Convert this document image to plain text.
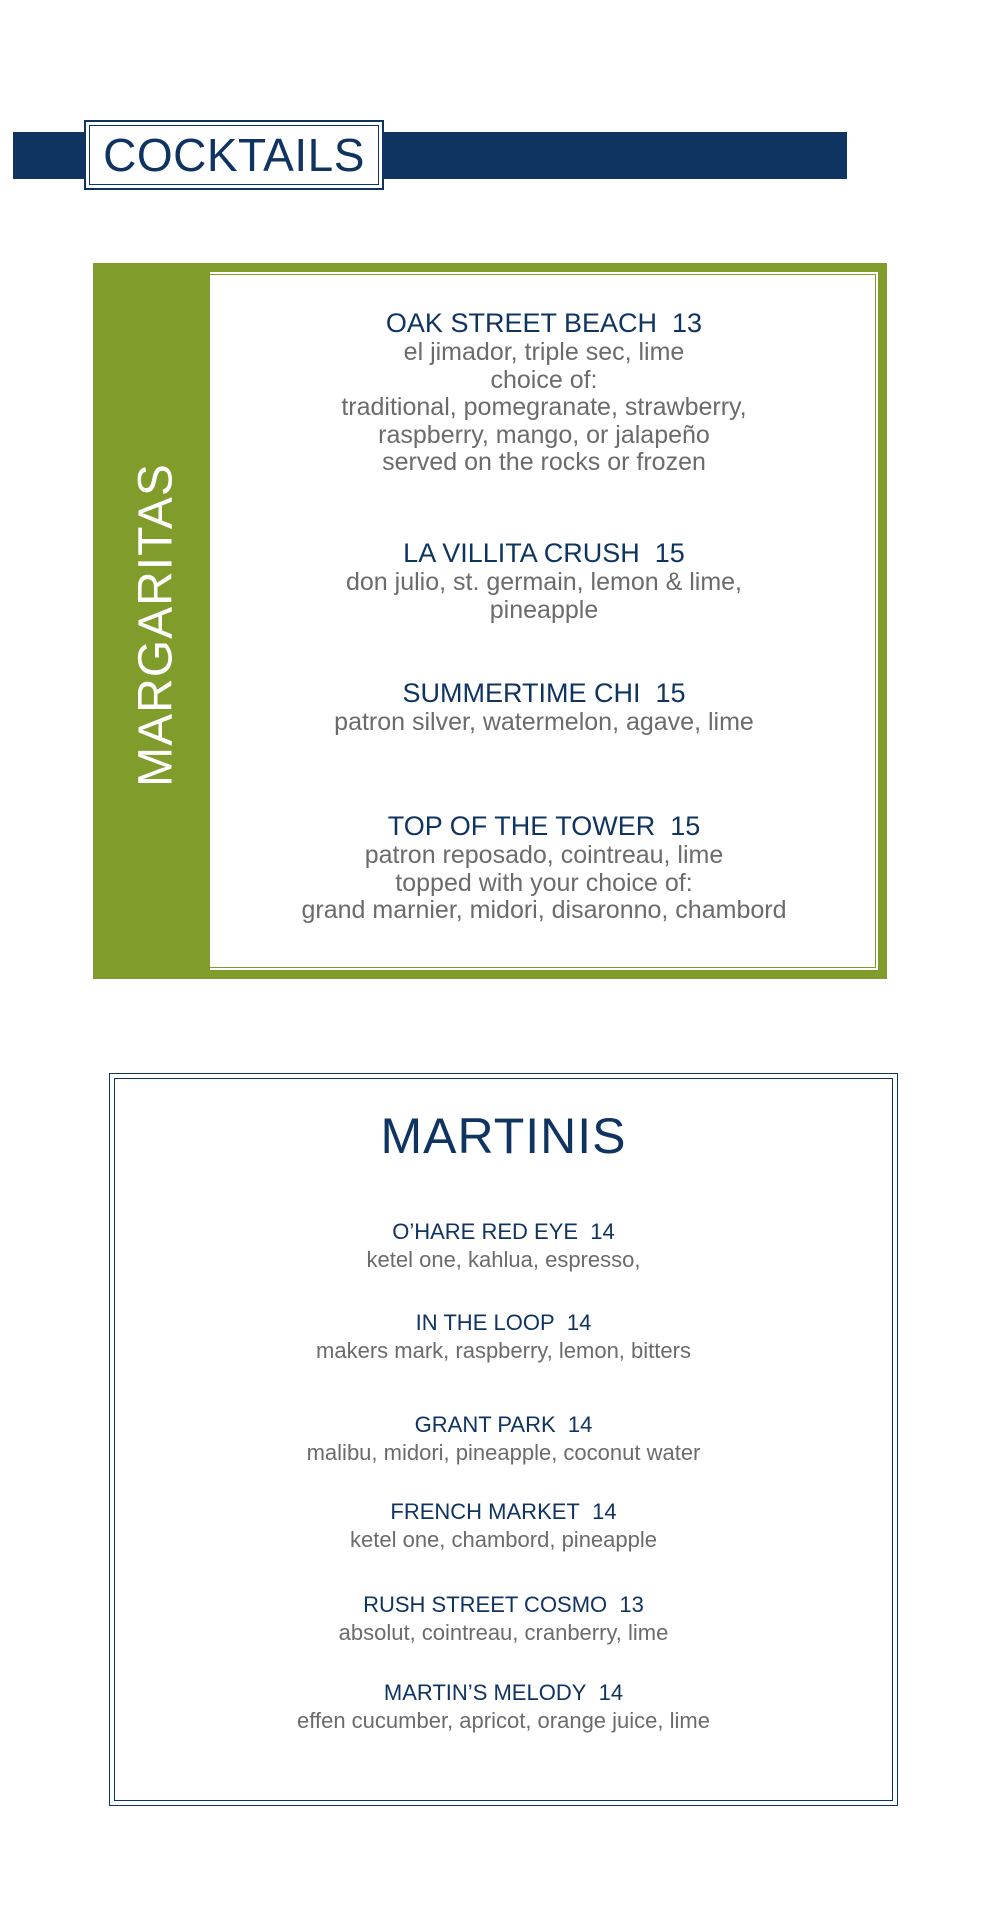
COCKTAILS
MARGARITAS
OAK STREET BEACH 13
el jimador, triple sec, lime
choice of:
traditional, pomegranate, strawberry,
raspberry, mango, or jalapeño
served on the rocks or frozen
LA VILLITA CRUSH 15
don julio, st. germain, lemon & lime,
pineapple
SUMMERTIME CHI 15
patron silver, watermelon, agave, lime
TOP OF THE TOWER 15
patron reposado, cointreau, lime
topped with your choice of:
grand marnier, midori, disaronno, chambord
MARTINIS
O’HARE RED EYE 14
ketel one, kahlua, espresso,
IN THE LOOP 14
makers mark, raspberry, lemon, bitters
GRANT PARK 14
malibu, midori, pineapple, coconut water
FRENCH MARKET 14
ketel one, chambord, pineapple
RUSH STREET COSMO 13
absolut, cointreau, cranberry, lime
MARTIN’S MELODY 14
effen cucumber, apricot, orange juice, lime
